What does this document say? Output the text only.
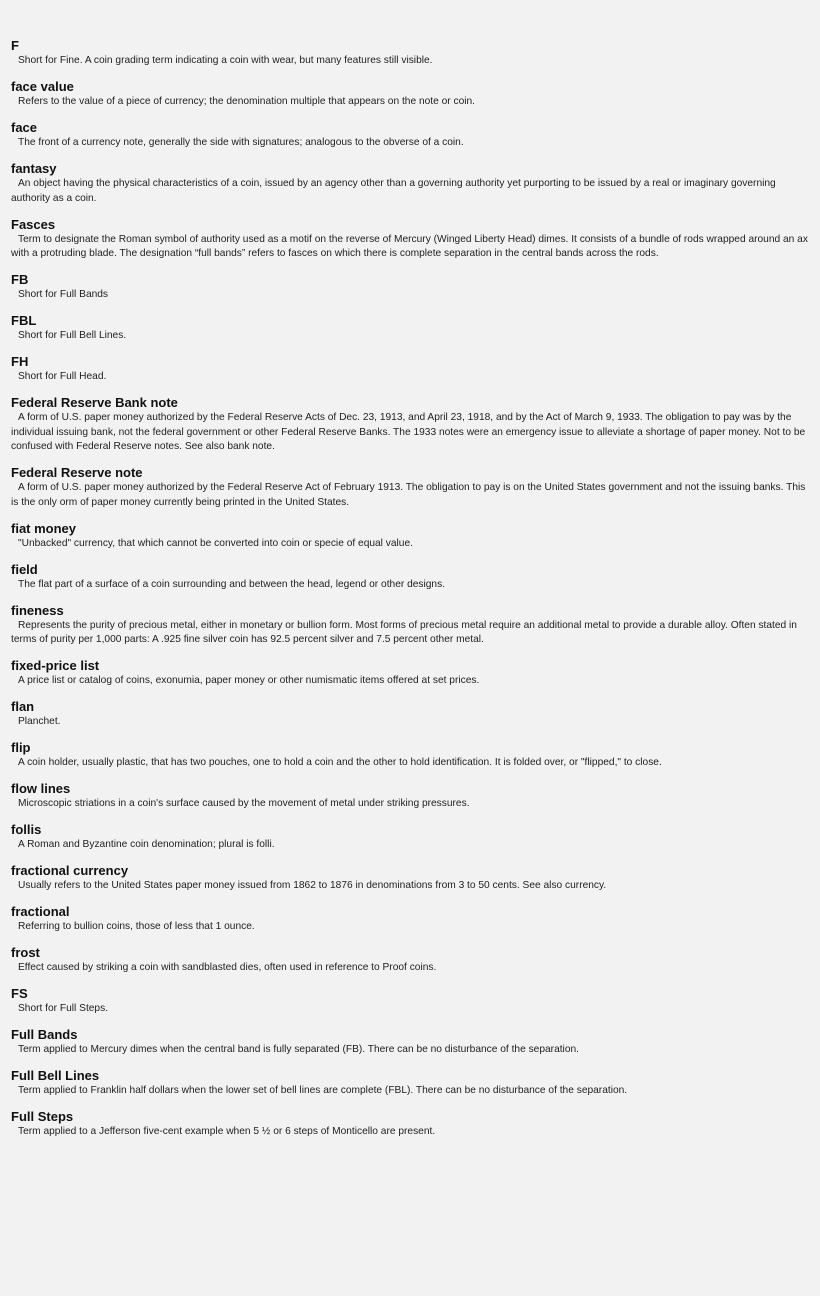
F
Short for Fine. A coin grading term indicating a coin with wear, but many features still visible.
face value
Refers to the value of a piece of currency; the denomination multiple that appears on the note or coin.
face
The front of a currency note, generally the side with signatures; analogous to the obverse of a coin.
fantasy
An object having the physical characteristics of a coin, issued by an agency other than a governing authority yet purporting to be issued by a real or imaginary governing authority as a coin.
Fasces
Term to designate the Roman symbol of authority used as a motif on the reverse of Mercury (Winged Liberty Head) dimes. It consists of a bundle of rods wrapped around an ax with a protruding blade. The designation “full bands” refers to fasces on which there is complete separation in the central bands across the rods.
FB
Short for Full Bands
FBL
Short for Full Bell Lines.
FH
Short for Full Head.
Federal Reserve Bank note
A form of U.S. paper money authorized by the Federal Reserve Acts of Dec. 23, 1913, and April 23, 1918, and by the Act of March 9, 1933. The obligation to pay was by the individual issuing bank, not the federal government or other Federal Reserve Banks. The 1933 notes were an emergency issue to alleviate a shortage of paper money. Not to be confused with Federal Reserve notes. See also bank note.
Federal Reserve note
A form of U.S. paper money authorized by the Federal Reserve Act of February 1913. The obligation to pay is on the United States government and not the issuing banks. This is the only orm of paper money currently being printed in the United States.
fiat money
"Unbacked" currency, that which cannot be converted into coin or specie of equal value.
field
The flat part of a surface of a coin surrounding and between the head, legend or other designs.
fineness
Represents the purity of precious metal, either in monetary or bullion form. Most forms of precious metal require an additional metal to provide a durable alloy. Often stated in terms of purity per 1,000 parts: A .925 fine silver coin has 92.5 percent silver and 7.5 percent other metal.
fixed-price list
A price list or catalog of coins, exonumia, paper money or other numismatic items offered at set prices.
flan
Planchet.
flip
A coin holder, usually plastic, that has two pouches, one to hold a coin and the other to hold identification. It is folded over, or "flipped," to close.
flow lines
Microscopic striations in a coin's surface caused by the movement of metal under striking pressures.
follis
A Roman and Byzantine coin denomination; plural is folli.
fractional currency
Usually refers to the United States paper money issued from 1862 to 1876 in denominations from 3 to 50 cents. See also currency.
fractional
Referring to bullion coins, those of less that 1 ounce.
frost
Effect caused by striking a coin with sandblasted dies, often used in reference to Proof coins.
FS
Short for Full Steps.
Full Bands
Term applied to Mercury dimes when the central band is fully separated (FB). There can be no disturbance of the separation.
Full Bell Lines
Term applied to Franklin half dollars when the lower set of bell lines are complete (FBL). There can be no disturbance of the separation.
Full Steps
Term applied to a Jefferson five-cent example when 5 ½ or 6 steps of Monticello are present.
